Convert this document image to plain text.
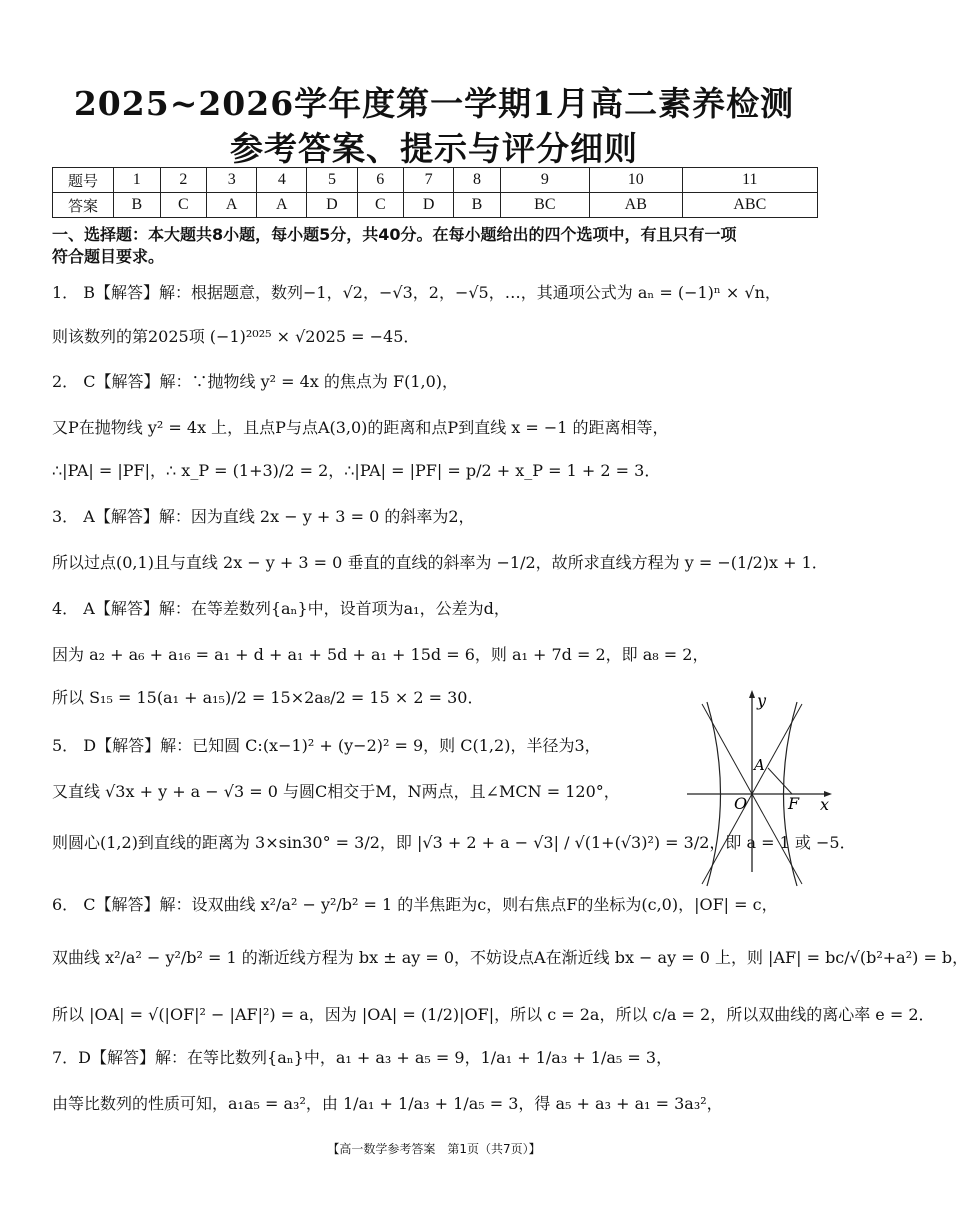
2025~2026学年度第一学期1月高二素养检测
参考答案、提示与评分细则
题号	1	2	3	4	5	6	7	8	9	10	11
答案	B	C	A	A	D	C	D	B	BC	AB	ABC
一、选择题：本大题共8小题，每小题5分，共40分。在每小题给出的四个选项中，有且只有一项
符合题目要求。
1． B【解答】解：根据题意，数列−1，√2，−√3，2，−√5，…，其通项公式为 aₙ = (−1)ⁿ × √n，
则该数列的第2025项 (−1)²⁰²⁵ × √2025 = −45．
2． C【解答】解：∵抛物线 y² = 4x 的焦点为 F(1,0)，
又P在抛物线 y² = 4x 上，且点P与点A(3,0)的距离和点P到直线 x = −1 的距离相等，
∴|PA| = |PF|，∴ x_P = (1+3)/2 = 2，∴|PA| = |PF| = p/2 + x_P = 1 + 2 = 3．
3． A【解答】解：因为直线 2x − y + 3 = 0 的斜率为2，
所以过点(0,1)且与直线 2x − y + 3 = 0 垂直的直线的斜率为 −1/2，故所求直线方程为 y = −(1/2)x + 1．
4． A【解答】解：在等差数列{aₙ}中，设首项为a₁，公差为d，
因为 a₂ + a₆ + a₁₆ = a₁ + d + a₁ + 5d + a₁ + 15d = 6，则 a₁ + 7d = 2，即 a₈ = 2，
所以 S₁₅ = 15(a₁ + a₁₅)/2 = 15×2a₈/2 = 15 × 2 = 30．
5． D【解答】解：已知圆 C:(x−1)² + (y−2)² = 9，则 C(1,2)，半径为3，
又直线 √3x + y + a − √3 = 0 与圆C相交于M，N两点，且∠MCN = 120°，
则圆心(1,2)到直线的距离为 3×sin30° = 3/2，即 |√3 + 2 + a − √3| / √(1+(√3)²) = 3/2，即 a = 1 或 −5．
6． C【解答】解：设双曲线 x²/a² − y²/b² = 1 的半焦距为c，则右焦点F的坐标为(c,0)，|OF| = c，
双曲线 x²/a² − y²/b² = 1 的渐近线方程为 bx ± ay = 0，不妨设点A在渐近线 bx − ay = 0 上，则 |AF| = bc/√(b²+a²) = b，
所以 |OA| = √(|OF|² − |AF|²) = a，因为 |OA| = (1/2)|OF|，所以 c = 2a，所以 c/a = 2，所以双曲线的离心率 e = 2．
7．D【解答】解：在等比数列{aₙ}中，a₁ + a₃ + a₅ = 9，1/a₁ + 1/a₃ + 1/a₅ = 3，
由等比数列的性质可知，a₁a₅ = a₃²，由 1/a₁ + 1/a₃ + 1/a₅ = 3，得 a₅ + a₃ + a₁ = 3a₃²，
y
x
O	F
A
【高一数学参考答案　第1页（共7页）】
